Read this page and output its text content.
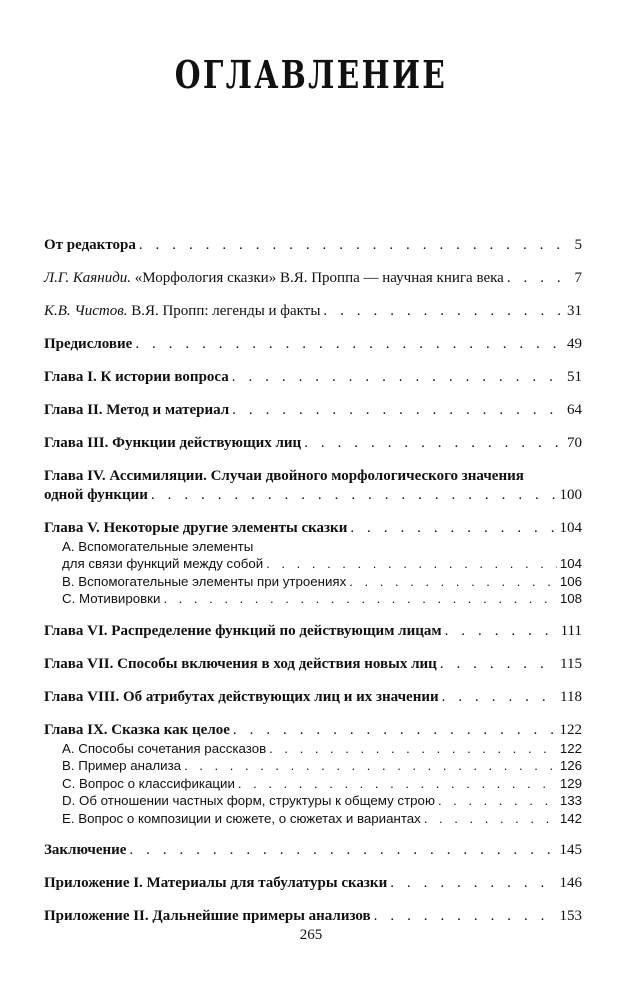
ОГЛАВЛЕНИЕ
От редактора . . .	5
Л.Г. Каяниди. «Морфология сказки» В.Я. Проппа — научная книга века . . .	7
К.В. Чистов. В.Я. Пропп: легенды и факты . . .	31
Предисловие . . .	49
Глава I. К истории вопроса . . .	51
Глава II. Метод и материал . . .	64
Глава III. Функции действующих лиц . . .	70
Глава IV. Ассимиляции. Случаи двойного морфологического значения
одной функции . . .	100
Глава V. Некоторые другие элементы сказки . . .	104
А. Вспомогательные элементы
для связи функций между собой . . .	104
В. Вспомогательные элементы при утроениях . . .	106
С. Мотивировки . . .	108
Глава VI. Распределение функций по действующим лицам . . .	111
Глава VII. Способы включения в ход действия новых лиц . . .	115
Глава VIII. Об атрибутах действующих лиц и их значении . . .	118
Глава IX. Сказка как целое . . .	122
А. Способы сочетания рассказов . . .	122
В. Пример анализа . . .	126
С. Вопрос о классификации . . .	129
D. Об отношении частных форм, структуры к общему строю . . .	133
Е. Вопрос о композиции и сюжете, о сюжетах и вариантах . . .	142
Заключение . . .	145
Приложение I. Материалы для табулатуры сказки . . .	146
Приложение II. Дальнейшие примеры анализов . . .	153
265
